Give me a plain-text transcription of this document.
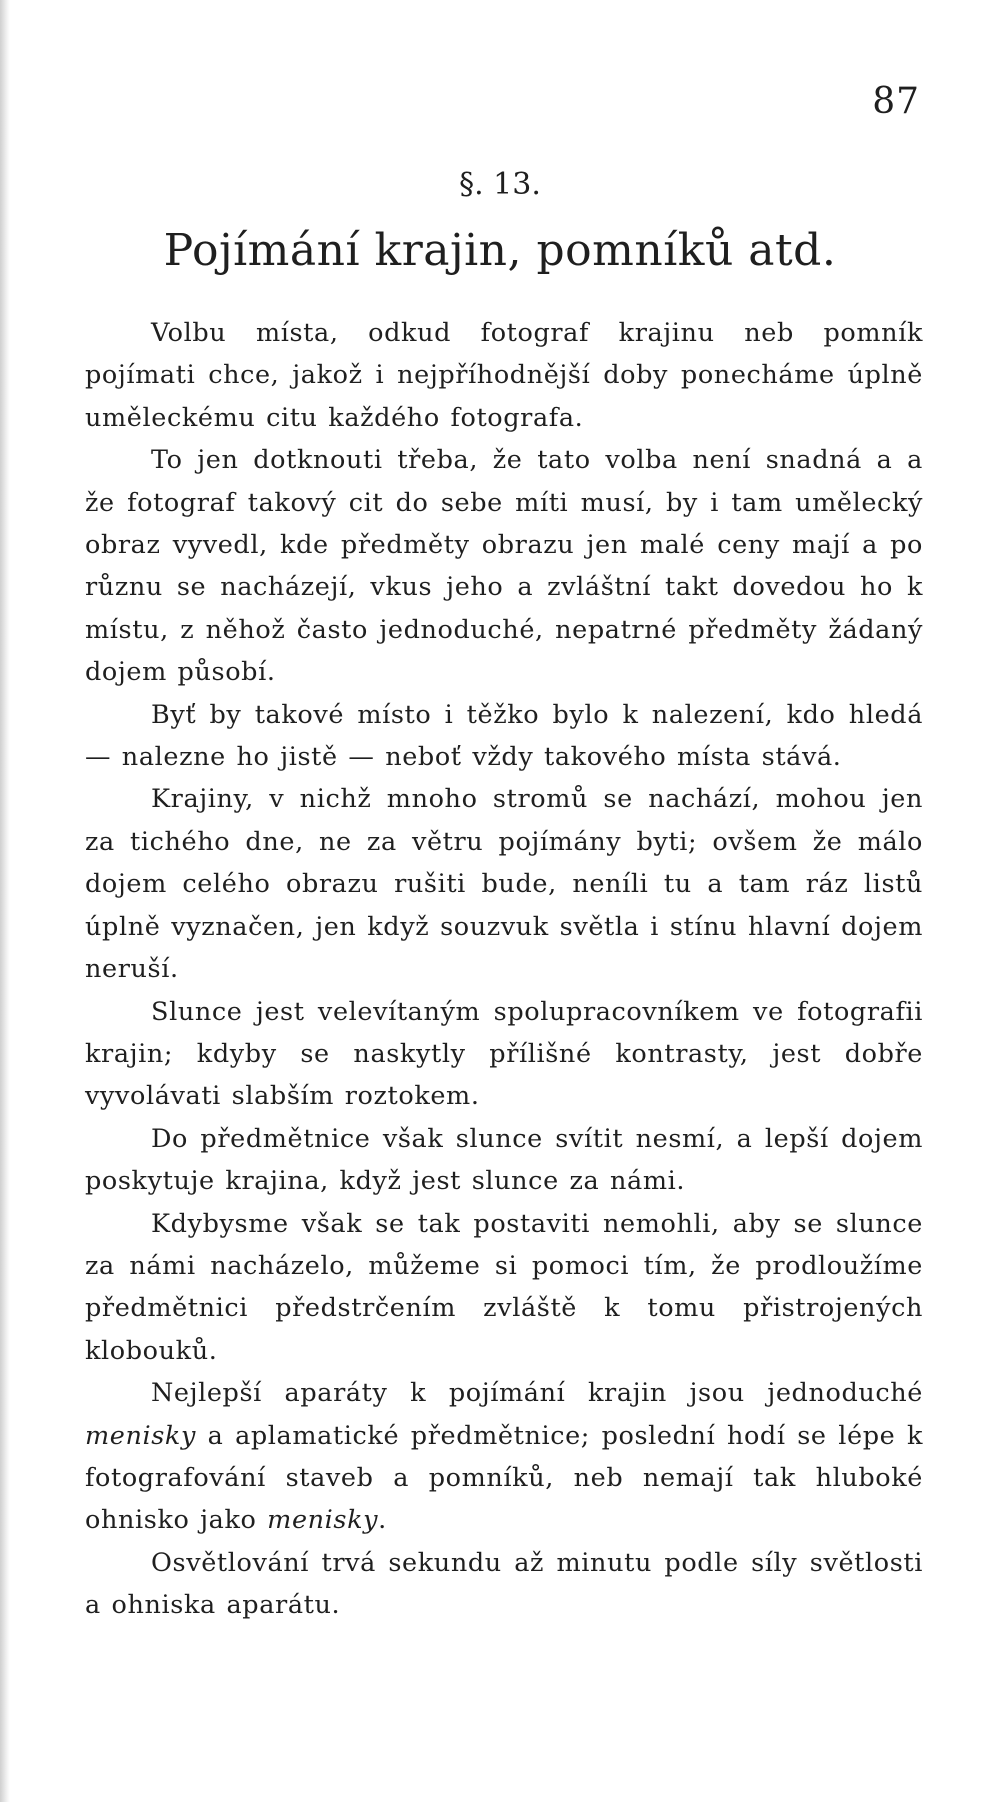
87
§. 13.
Pojímání krajin, pomníků atd.

Volbu místa, odkud fotograf krajinu neb pomník pojímati chce, jakož i nejpříhodnější doby ponecháme úplně uměleckému citu každého fotografa.

To jen dotknouti třeba, že tato volba není snadná a a že fotograf takový cit do sebe míti musí, by i tam umělecký obraz vyvedl, kde předměty obrazu jen malé ceny mají a po různu se nacházejí, vkus jeho a zvláštní takt dovedou ho k místu, z něhož často jednoduché, nepatrné předměty žádaný dojem působí.

Byť by takové místo i těžko bylo k nalezení, kdo hledá — nalezne ho jistě — neboť vždy takového místa stává.

Krajiny, v nichž mnoho stromů se nachází, mohou jen za tichého dne, ne za větru pojímány byti; ovšem že málo dojem celého obrazu rušiti bude, neníli tu a tam ráz listů úplně vyznačen, jen když souzvuk světla i stínu hlavní dojem neruší.

Slunce jest velevítaným spolupracovníkem ve fotografii krajin; kdyby se naskytly přílišné kontrasty, jest dobře vyvolávati slabším roztokem.

Do předmětnice však slunce svítit nesmí, a lepší dojem poskytuje krajina, když jest slunce za námi.

Kdybysme však se tak postaviti nemohli, aby se slunce za námi nacházelo, můžeme si pomoci tím, že prodloužíme předmětnici předstrčením zvláště k tomu přistrojených klobouků.

Nejlepší aparáty k pojímání krajin jsou jednoduché menisky a aplamatické předmětnice; poslední hodí se lépe k fotografování staveb a pomníků, neb nemají tak hluboké ohnisko jako menisky.

Osvětlování trvá sekundu až minutu podle síly světlosti a ohniska aparátu.
